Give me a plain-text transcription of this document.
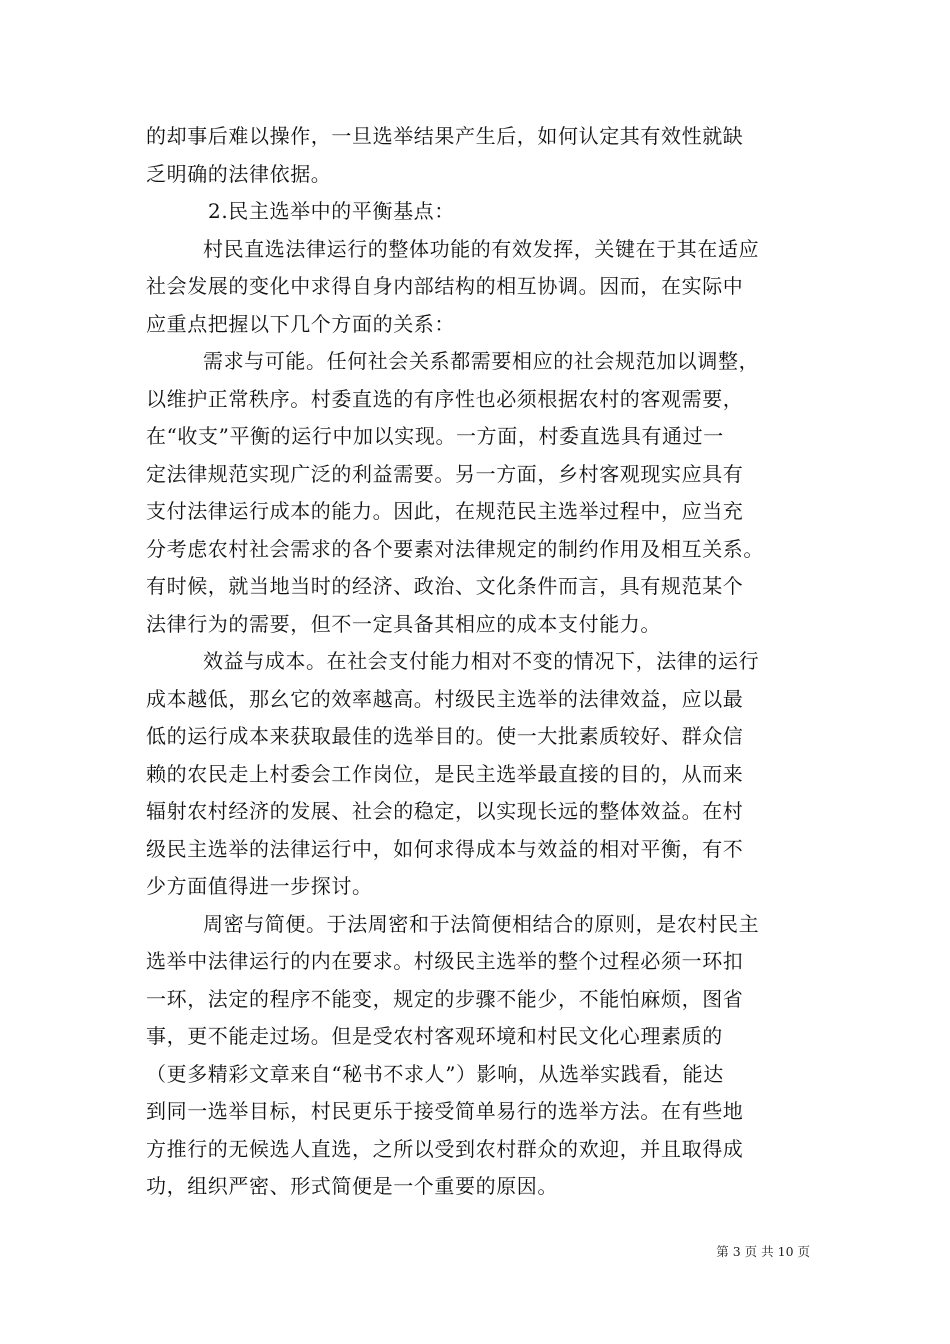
的却事后难以操作，一旦选举结果产生后，如何认定其有效性就缺
乏明确的法律依据。
2.民主选举中的平衡基点：
村民直选法律运行的整体功能的有效发挥，关键在于其在适应
社会发展的变化中求得自身内部结构的相互协调。因而，在实际中
应重点把握以下几个方面的关系：
需求与可能。任何社会关系都需要相应的社会规范加以调整，
以维护正常秩序。村委直选的有序性也必须根据农村的客观需要，
在“收支”平衡的运行中加以实现。一方面，村委直选具有通过一
定法律规范实现广泛的利益需要。另一方面，乡村客观现实应具有
支付法律运行成本的能力。因此，在规范民主选举过程中，应当充
分考虑农村社会需求的各个要素对法律规定的制约作用及相互关系。
有时候，就当地当时的经济、政治、文化条件而言，具有规范某个
法律行为的需要，但不一定具备其相应的成本支付能力。
效益与成本。在社会支付能力相对不变的情况下，法律的运行
成本越低，那幺它的效率越高。村级民主选举的法律效益，应以最
低的运行成本来获取最佳的选举目的。使一大批素质较好、群众信
赖的农民走上村委会工作岗位，是民主选举最直接的目的，从而来
辐射农村经济的发展、社会的稳定，以实现长远的整体效益。在村
级民主选举的法律运行中，如何求得成本与效益的相对平衡，有不
少方面值得进一步探讨。
周密与简便。于法周密和于法简便相结合的原则，是农村民主
选举中法律运行的内在要求。村级民主选举的整个过程必须一环扣
一环，法定的程序不能变，规定的步骤不能少，不能怕麻烦，图省
事，更不能走过场。但是受农村客观环境和村民文化心理素质的
（更多精彩文章来自“秘书不求人”）影响，从选举实践看，能达
到同一选举目标，村民更乐于接受简单易行的选举方法。在有些地
方推行的无候选人直选，之所以受到农村群众的欢迎，并且取得成
功，组织严密、形式简便是一个重要的原因。
第 3 页 共 10 页
